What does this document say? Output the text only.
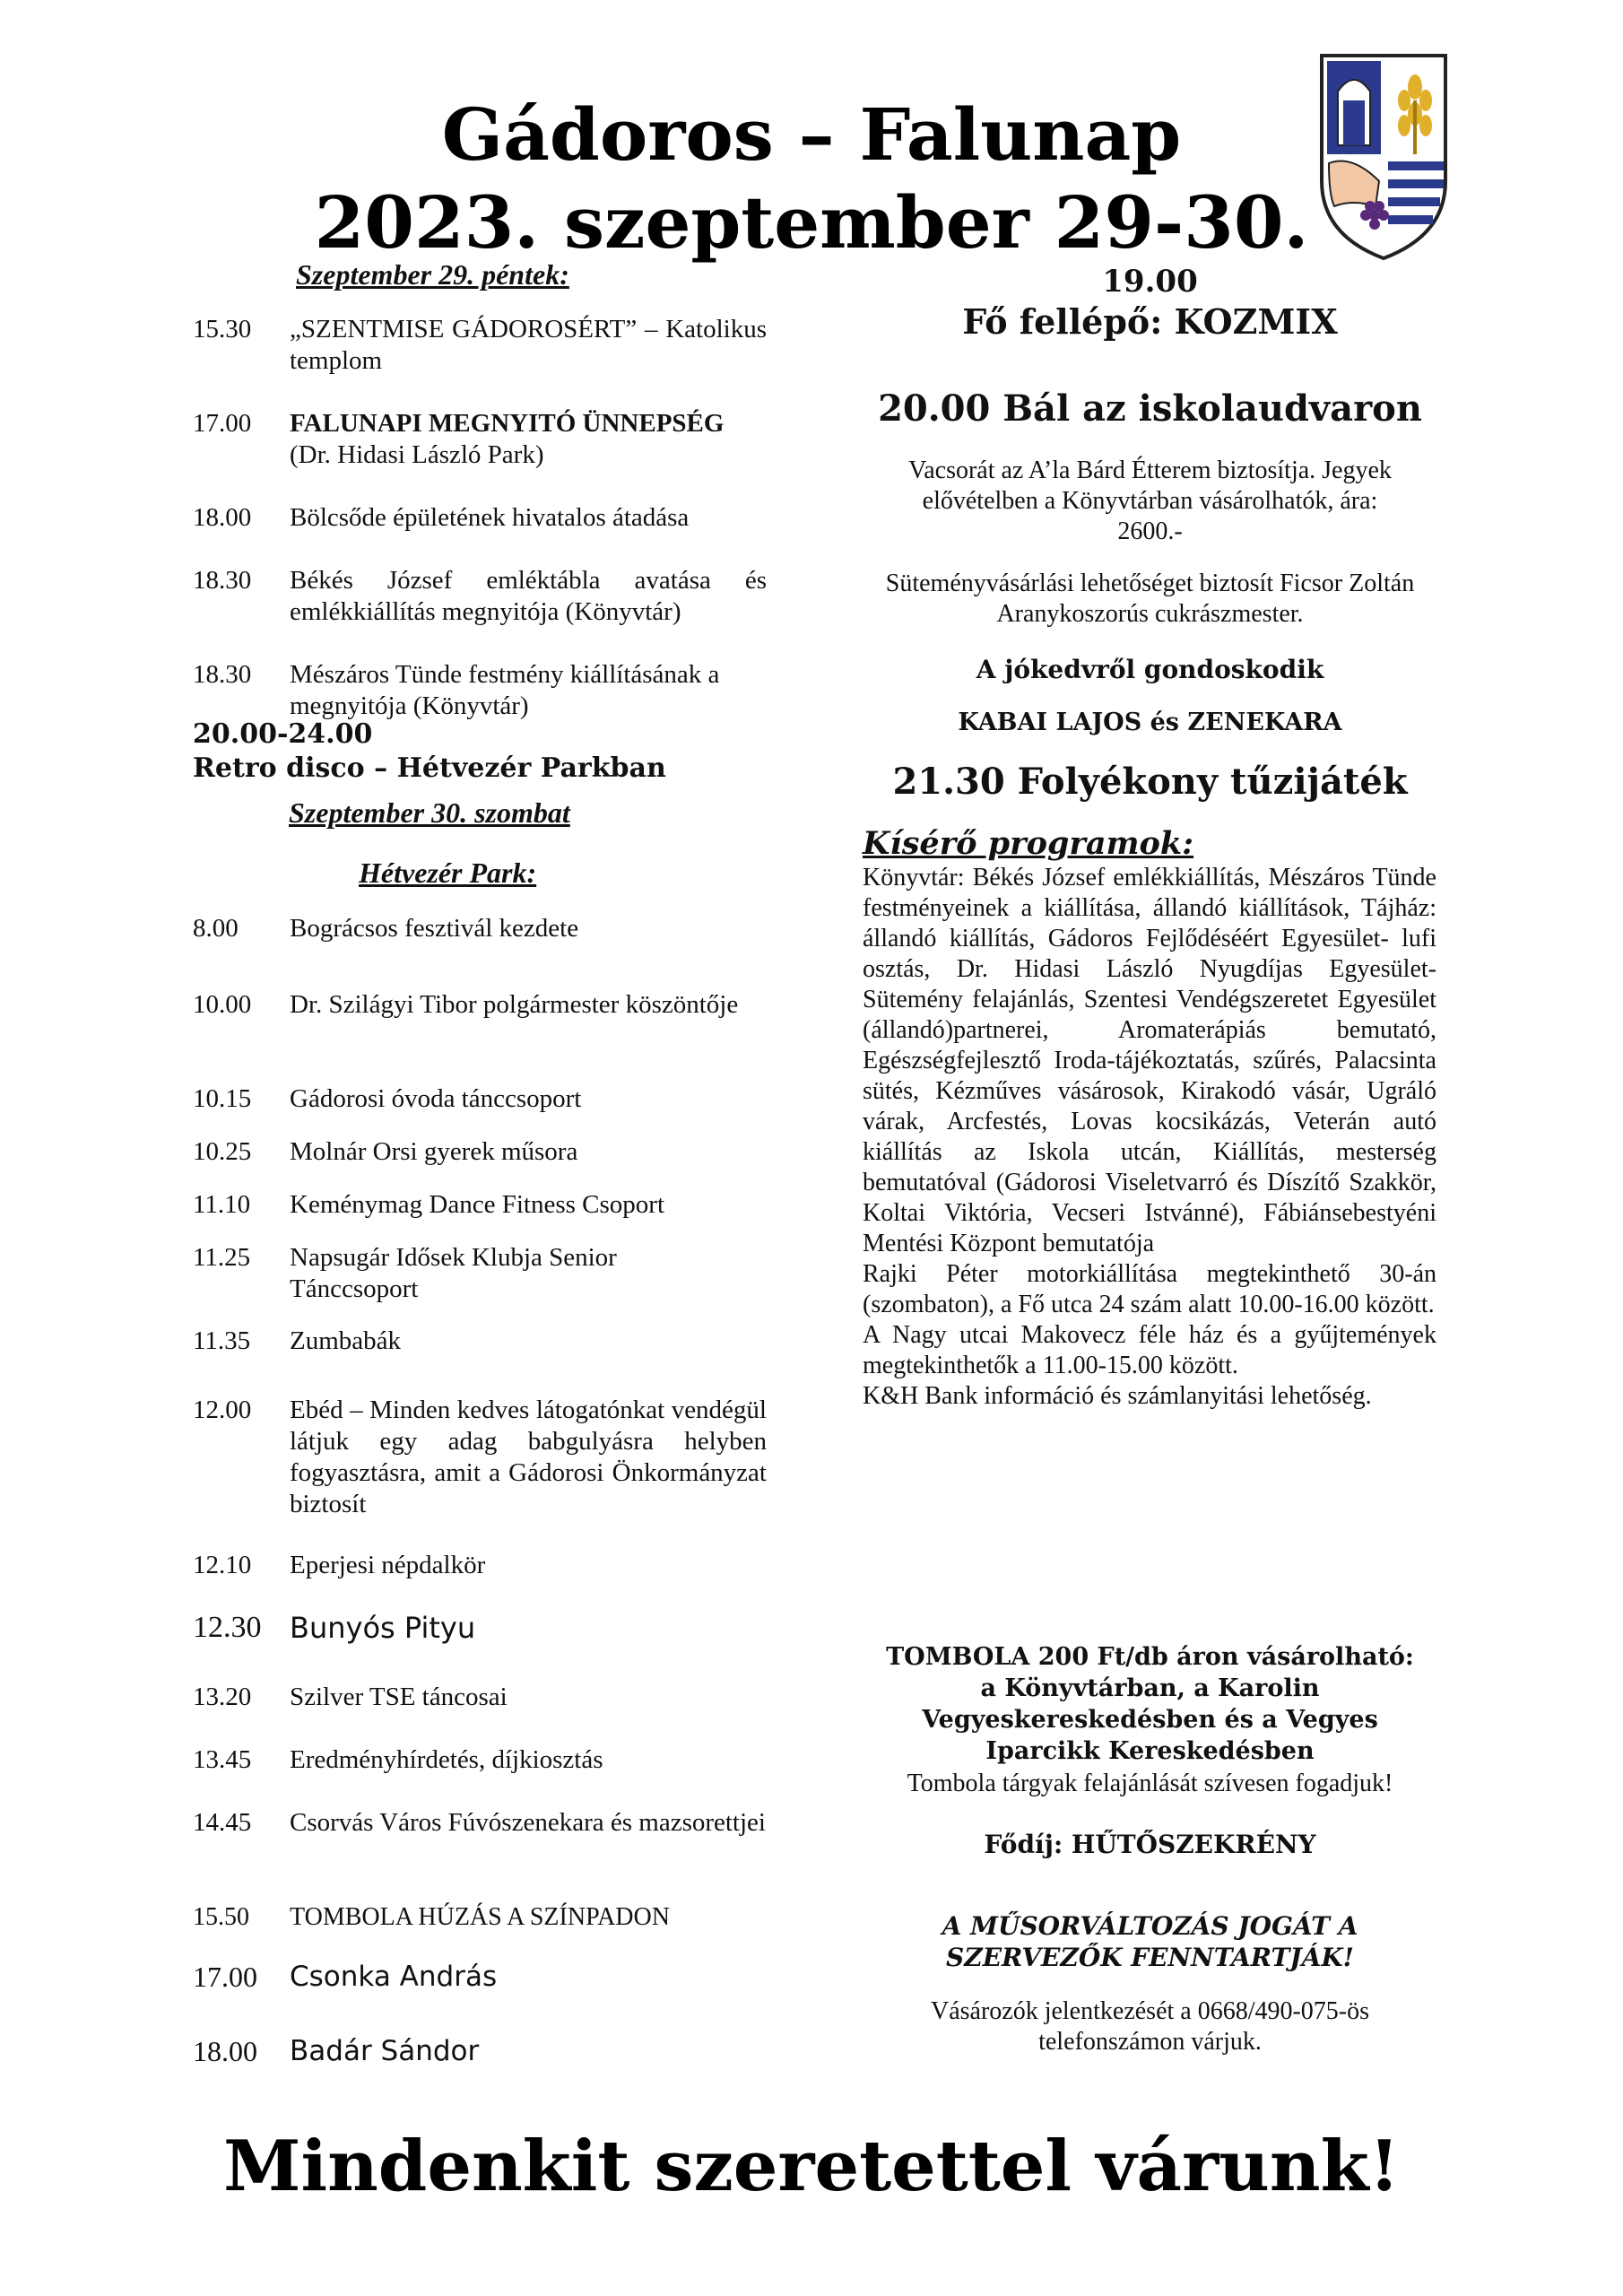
Gádoros – Falunap
2023. szeptember 29-30.
Szeptember 29. péntek:
15.30	„SZENTMISE GÁDOROSÉRT” – Katolikus templom
17.00	FALUNAPI MEGNYITÓ ÜNNEPSÉG (Dr. Hidasi László Park)
18.00	Bölcsőde épületének hivatalos átadása
18.30	Békés József emléktábla avatása és emlékkiállítás megnyitója (Könyvtár)
18.30	Mészáros Tünde festmény kiállításának a megnyitója (Könyvtár)
20.00-24.00
Retro disco – Hétvezér Parkban
Szeptember 30. szombat
Hétvezér Park:
8.00	Bográcsos fesztivál kezdete
10.00	Dr. Szilágyi Tibor polgármester köszöntője
10.15	Gádorosi óvoda tánccsoport
10.25	Molnár Orsi gyerek műsora
11.10	Keménymag Dance Fitness Csoport
11.25	Napsugár Idősek Klubja Senior Tánccsoport
11.35	Zumbabák
12.00	Ebéd – Minden kedves látogatónkat vendégül látjuk egy adag babgulyásra helyben fogyasztásra, amit a Gádorosi Önkormányzat biztosít
12.10	Eperjesi népdalkör
12.30 Bunyós Pityu
13.20	Szilver TSE táncosai
13.45	Eredményhírdetés, díjkiosztás
14.45	Csorvás Város Fúvószenekara és mazsorettjei
15.50	TOMBOLA HÚZÁS A SZÍNPADON
17.00	Csonka András
18.00	Badár Sándor
19.00
Fő fellépő: KOZMIX
20.00 Bál az iskolaudvaron
Vacsorát az A’la Bárd Étterem biztosítja. Jegyek elővételben a Könyvtárban vásárolhatók, ára: 2600.-
Süteményvásárlási lehetőséget biztosít Ficsor Zoltán Aranykoszorús cukrászmester.
A jókedvről gondoskodik
KABAI LAJOS és ZENEKARA
21.30 Folyékony tűzijáték
Kísérő programok:

Könyvtár: Békés József emlékkiállítás, Mészáros Tünde festményeinek a kiállítása, állandó kiállítások, Tájház: állandó kiállítás, Gádoros Fejlődéséért Egyesület- lufi osztás, Dr. Hidasi László Nyugdíjas Egyesület- Sütemény felajánlás, Szentesi Vendégszeretet Egyesület (állandó)partnerei, Aromaterápiás bemutató, Egészségfejlesztő Iroda-tájékoztatás, szűrés, Palacsinta sütés, Kézműves vásárosok, Kirakodó vásár, Ugráló várak, Arcfestés, Lovas kocsikázás, Veterán autó kiállítás az Iskola utcán, Kiállítás, mesterség bemutatóval (Gádorosi Viseletvarró és Díszítő Szakkör, Koltai Viktória, Vecseri Istvánné), Fábiánsebestyéni Mentési Központ bemutatója

Rajki Péter motorkiállítása megtekinthető 30-án (szombaton), a Fő utca 24 szám alatt 10.00-16.00 között.

A Nagy utcai Makovecz féle ház és a gyűjtemények megtekinthetők a 11.00-15.00 között.

K&H Bank információ és számlanyitási lehetőség.

TOMBOLA 200 Ft/db áron vásárolható: a Könyvtárban, a Karolin Vegyeskereskedésben és a Vegyes Iparcikk Kereskedésben
Tombola tárgyak felajánlását szívesen fogadjuk!
Fődíj: HŰTŐSZEKRÉNY
A MŰSORVÁLTOZÁS JOGÁT A SZERVEZŐK FENNTARTJÁK!
Vásározók jelentkezését a 0668/490-075-ös telefonszámon várjuk.
Mindenkit szeretettel várunk!
